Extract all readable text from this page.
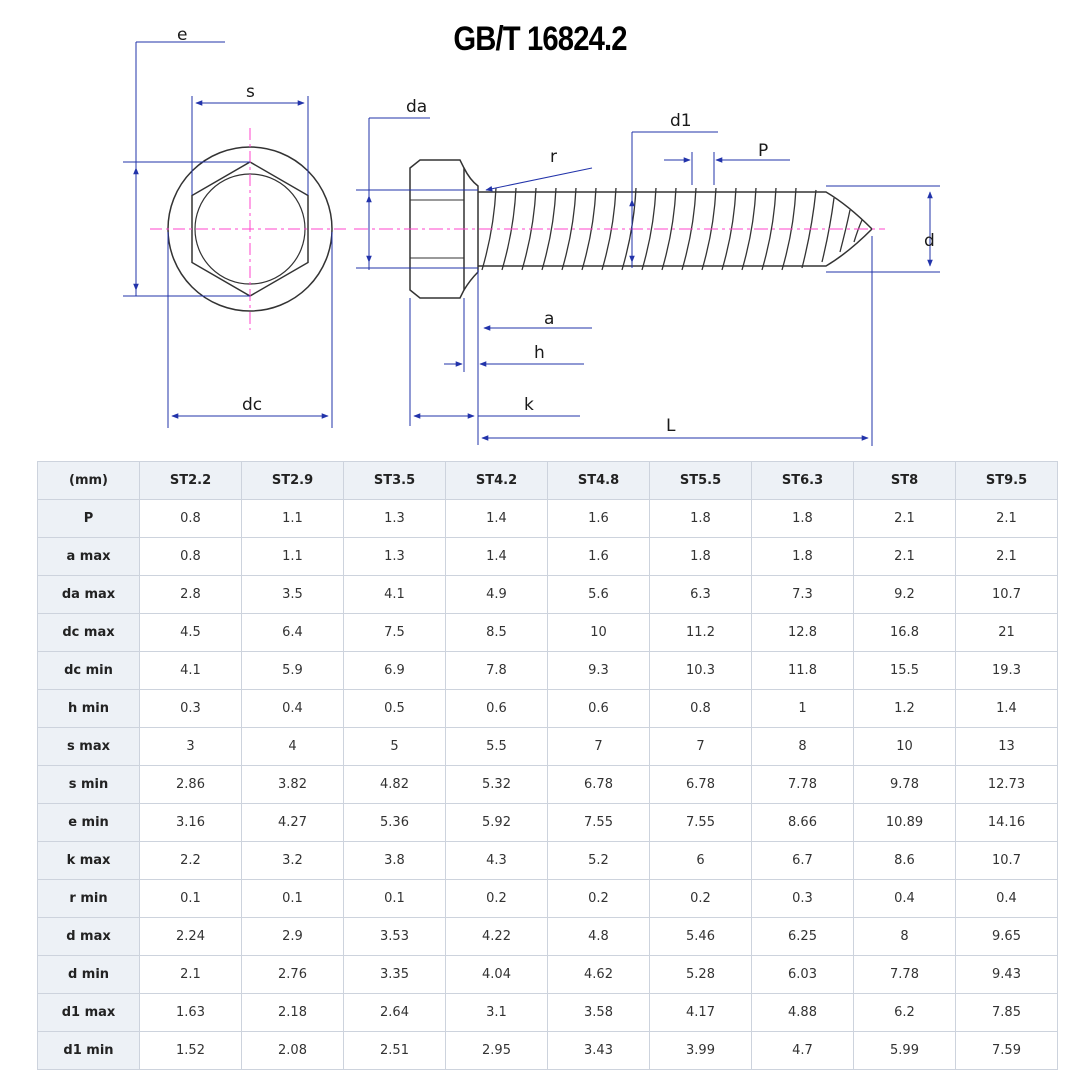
GB/T 16824.2
e
s
dc
da
r
d1
P
d
a
h
k
L
(mm)	ST2.2	ST2.9	ST3.5	ST4.2	ST4.8	ST5.5	ST6.3	ST8	ST9.5
P	0.8	1.1	1.3	1.4	1.6	1.8	1.8	2.1	2.1
a max	0.8	1.1	1.3	1.4	1.6	1.8	1.8	2.1	2.1
da max	2.8	3.5	4.1	4.9	5.6	6.3	7.3	9.2	10.7
dc max	4.5	6.4	7.5	8.5	10	11.2	12.8	16.8	21
dc min	4.1	5.9	6.9	7.8	9.3	10.3	11.8	15.5	19.3
h min	0.3	0.4	0.5	0.6	0.6	0.8	1	1.2	1.4
s max	3	4	5	5.5	7	7	8	10	13
s min	2.86	3.82	4.82	5.32	6.78	6.78	7.78	9.78	12.73
e min	3.16	4.27	5.36	5.92	7.55	7.55	8.66	10.89	14.16
k max	2.2	3.2	3.8	4.3	5.2	6	6.7	8.6	10.7
r min	0.1	0.1	0.1	0.2	0.2	0.2	0.3	0.4	0.4
d max	2.24	2.9	3.53	4.22	4.8	5.46	6.25	8	9.65
d min	2.1	2.76	3.35	4.04	4.62	5.28	6.03	7.78	9.43
d1 max	1.63	2.18	2.64	3.1	3.58	4.17	4.88	6.2	7.85
d1 min	1.52	2.08	2.51	2.95	3.43	3.99	4.7	5.99	7.59
